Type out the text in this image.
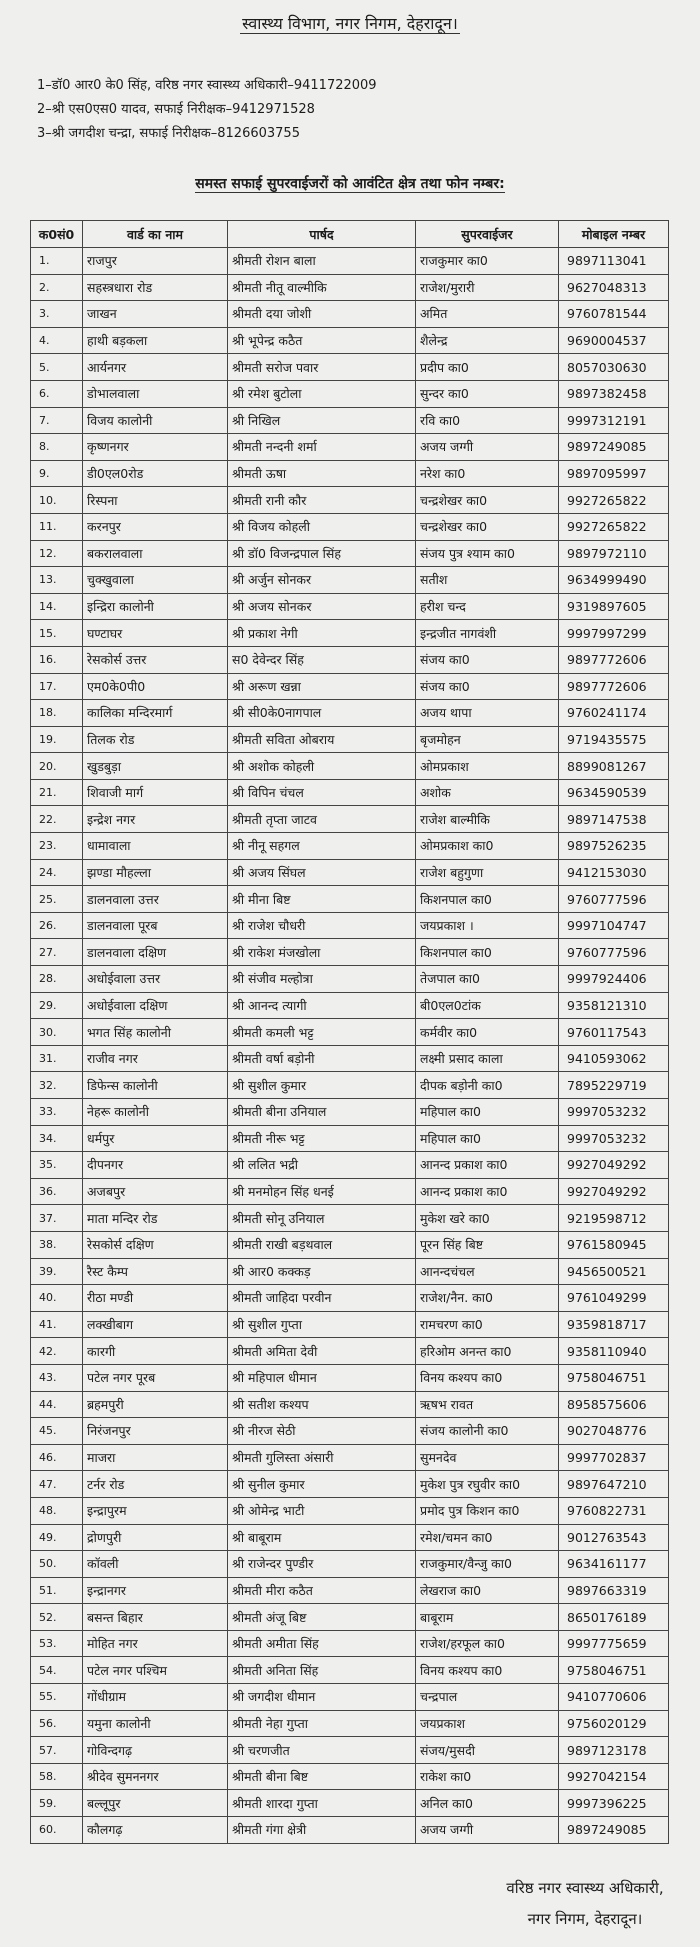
स्वास्थ्य विभाग, नगर निगम, देहरादून।
1–डॉ0 आर0 के0 सिंह, वरिष्ठ नगर स्वास्थ्य अधिकारी–9411722009
2–श्री एस0एस0 यादव, सफाई निरीक्षक–9412971528
3–श्री जगदीश चन्द्रा, सफाई निरीक्षक–8126603755
समस्त सफाई सुपरवाईजरों को आवंटित क्षेत्र तथा फोन नम्बर:
क0सं0	वार्ड का नाम	पार्षद	सुपरवाईजर	मोबाइल नम्बर
1.	राजपुर	श्रीमती रोशन बाला	राजकुमार का0	9897113041
2.	सहस्त्रधारा रोड	श्रीमती नीतू वाल्मीकि	राजेश/मुरारी	9627048313
3.	जाखन	श्रीमती दया जोशी	अमित	9760781544
4.	हाथी बड़कला	श्री भूपेन्द्र कठैत	शैलेन्द्र	9690004537
5.	आर्यनगर	श्रीमती सरोज पवार	प्रदीप का0	8057030630
6.	डोभालवाला	श्री रमेश बुटोला	सुन्दर का0	9897382458
7.	विजय कालोनी	श्री निखिल	रवि का0	9997312191
8.	कृष्णनगर	श्रीमती नन्दनी शर्मा	अजय जग्गी	9897249085
9.	डी0एल0रोड	श्रीमती ऊषा	नरेश का0	9897095997
10.	रिस्पना	श्रीमती रानी कौर	चन्द्रशेखर का0	9927265822
11.	करनपुर	श्री विजय कोहली	चन्द्रशेखर का0	9927265822
12.	बकरालवाला	श्री डॉ0 विजन्द्रपाल सिंह	संजय पुत्र श्याम का0	9897972110
13.	चुक्खुवाला	श्री अर्जुन सोनकर	सतीश	9634999490
14.	इन्द्रिरा कालोनी	श्री अजय सोनकर	हरीश चन्द	9319897605
15.	घण्टाघर	श्री प्रकाश नेगी	इन्द्रजीत नागवंशी	9997997299
16.	रेसकोर्स उत्तर	स0 देवेन्दर सिंह	संजय का0	9897772606
17.	एम0के0पी0	श्री अरूण खन्ना	संजय का0	9897772606
18.	कालिका मन्दिरमार्ग	श्री सी0के0नागपाल	अजय थापा	9760241174
19.	तिलक रोड	श्रीमती सविता ओबराय	बृजमोहन	9719435575
20.	खुडबुड़ा	श्री अशोक कोहली	ओमप्रकाश	8899081267
21.	शिवाजी मार्ग	श्री विपिन चंचल	अशोक	9634590539
22.	इन्द्रेश नगर	श्रीमती तृप्ता जाटव	राजेश बाल्मीकि	9897147538
23.	धामावाला	श्री नीनू सहगल	ओमप्रकाश का0	9897526235
24.	झण्डा मौहल्ला	श्री अजय सिंघल	राजेश बहुगुणा	9412153030
25.	डालनवाला उत्तर	श्री मीना बिष्ट	किशनपाल का0	9760777596
26.	डालनवाला पूरब	श्री राजेश चौधरी	जयप्रकाश ।	9997104747
27.	डालनवाला दक्षिण	श्री राकेश मंजखोला	किशनपाल का0	9760777596
28.	अधोईवाला उत्तर	श्री संजीव मल्होत्रा	तेजपाल का0	9997924406
29.	अधोईवाला दक्षिण	श्री आनन्द त्यागी	बी0एल0टांक	9358121310
30.	भगत सिंह कालोनी	श्रीमती कमली भट्ट	कर्मवीर का0	9760117543
31.	राजीव नगर	श्रीमती वर्षा बड़ोनी	लक्ष्मी प्रसाद काला	9410593062
32.	डिफेन्स कालोनी	श्री सुशील कुमार	दीपक बड़ोनी का0	7895229719
33.	नेहरू कालोनी	श्रीमती बीना उनियाल	महिपाल का0	9997053232
34.	धर्मपुर	श्रीमती नीरू भट्ट	महिपाल का0	9997053232
35.	दीपनगर	श्री ललित भद्री	आनन्द प्रकाश का0	9927049292
36.	अजबपुर	श्री मनमोहन सिंह धनई	आनन्द प्रकाश का0	9927049292
37.	माता मन्दिर रोड	श्रीमती सोनू उनियाल	मुकेश खरे का0	9219598712
38.	रेसकोर्स दक्षिण	श्रीमती राखी बड़थवाल	पूरन सिंह बिष्ट	9761580945
39.	रैस्ट कैम्प	श्री आर0 कक्कड़	आनन्दचंचल	9456500521
40.	रीठा मण्डी	श्रीमती जाहिदा परवीन	राजेश/नैन. का0	9761049299
41.	लक्खीबाग	श्री सुशील गुप्ता	रामचरण का0	9359818717
42.	कारगी	श्रीमती अमिता देवी	हरिओम अनन्त का0	9358110940
43.	पटेल नगर पूरब	श्री महिपाल धीमान	विनय कश्यप का0	9758046751
44.	ब्रहमपुरी	श्री सतीश कश्यप	ऋषभ रावत	8958575606
45.	निरंजनपुर	श्री नीरज सेठी	संजय कालोनी का0	9027048776
46.	माजरा	श्रीमती गुलिस्ता अंसारी	सुमनदेव	9997702837
47.	टर्नर रोड	श्री सुनील कुमार	मुकेश पुत्र रघुवीर का0	9897647210
48.	इन्द्रापुरम	श्री ओमेन्द्र भाटी	प्रमोद पुत्र किशन का0	9760822731
49.	द्रोणपुरी	श्री बाबूराम	रमेश/चमन का0	9012763543
50.	कॉवली	श्री राजेन्दर पुण्डीर	राजकुमार/वैन्जु का0	9634161177
51.	इन्द्रानगर	श्रीमती मीरा कठैत	लेखराज का0	9897663319
52.	बसन्त बिहार	श्रीमती अंजू बिष्ट	बाबूराम	8650176189
53.	मोहित नगर	श्रीमती अमीता सिंह	राजेश/हरफूल का0	9997775659
54.	पटेल नगर पश्चिम	श्रीमती अनिता सिंह	विनय कश्यप का0	9758046751
55.	गोंधीग्राम	श्री जगदीश धीमान	चन्द्रपाल	9410770606
56.	यमुना कालोनी	श्रीमती नेहा गुप्ता	जयप्रकाश	9756020129
57.	गोविन्दगढ़	श्री चरणजीत	संजय/मुसदी	9897123178
58.	श्रीदेव सुमननगर	श्रीमती बीना बिष्ट	राकेश का0	9927042154
59.	बल्लूपुर	श्रीमती शारदा गुप्ता	अनिल का0	9997396225
60.	कौलगढ़	श्रीमती गंगा क्षेत्री	अजय जग्गी	9897249085
वरिष्ठ नगर स्वास्थ्य अधिकारी,
नगर निगम, देहरादून।
